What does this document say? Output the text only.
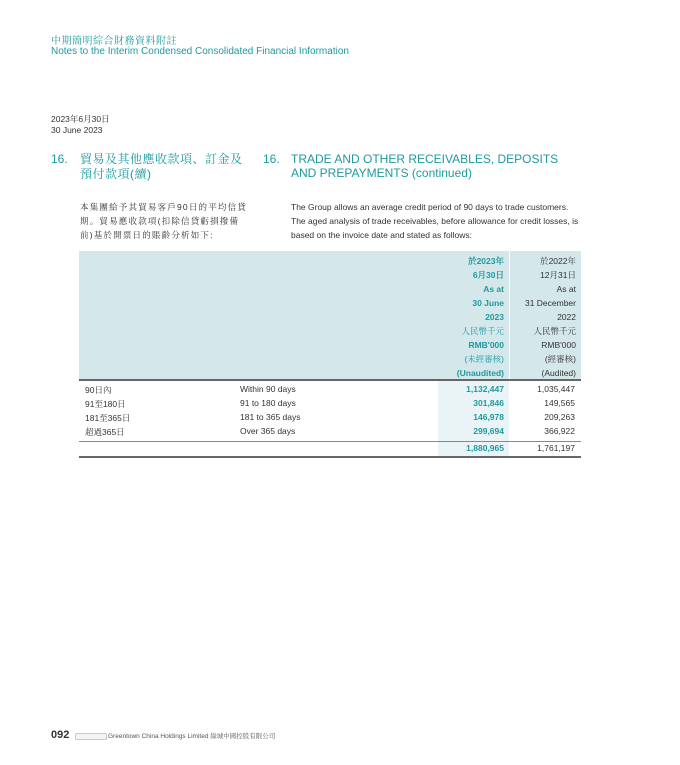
中期簡明綜合財務資料附註
Notes to the Interim Condensed Consolidated Financial Information
2023年6月30日
30 June 2023
16. 貿易及其他應收款項、訂金及預付款項(續)
16. TRADE AND OTHER RECEIVABLES, DEPOSITS AND PREPAYMENTS (continued)
本集團給予其貿易客戶90日的平均信貸期。貿易應收款項(扣除信貸虧損撥備前)基於開票日的賬齡分析如下:
The Group allows an average credit period of 90 days to trade customers. The aged analysis of trade receivables, before allowance for credit losses, is based on the invoice date and stated as follows:
於2023年
6月30日
As at
30 June
2023
人民幣千元
RMB'000
(未經審核)
(Unaudited)
於2022年
12月31日
As at
31 December
2022
人民幣千元
RMB'000
(經審核)
(Audited)
90日內	Within 90 days	1,132,447	1,035,447
91至180日	91 to 180 days	301,846	149,565
181至365日	181 to 365 days	146,978	209,263
超過365日	Over 365 days	299,694	366,922
1,880,965	1,761,197
092	Greentown China Holdings Limited 綠城中國控股有限公司
